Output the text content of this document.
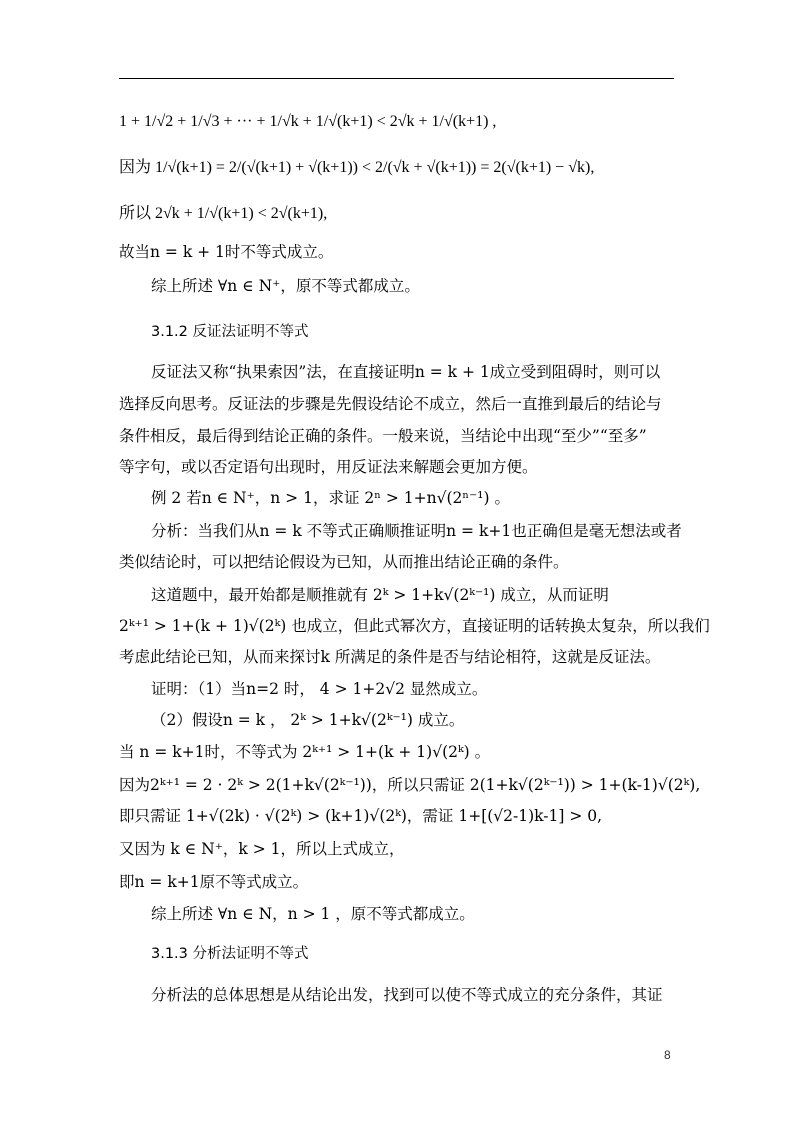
1 + 1/√2 + 1/√3 + ··· + 1/√k + 1/√(k+1) < 2√k + 1/√(k+1) ,
因为 1/√(k+1) = 2/(√(k+1) + √(k+1)) < 2/(√k + √(k+1)) = 2(√(k+1) − √k),
所以 2√k + 1/√(k+1) < 2√(k+1),
故当n = k + 1时不等式成立。
综上所述 ∀n ∈ N⁺，原不等式都成立。
3.1.2 反证法证明不等式
反证法又称“执果索因”法，在直接证明n = k + 1成立受到阻碍时，则可以
选择反向思考。反证法的步骤是先假设结论不成立，然后一直推到最后的结论与
条件相反，最后得到结论正确的条件。一般来说，当结论中出现“至少”“至多”
等字句，或以否定语句出现时，用反证法来解题会更加方便。
例 2 若n ∈ N⁺，n > 1，求证 2ⁿ > 1+n√(2ⁿ⁻¹) 。
分析：当我们从n = k 不等式正确顺推证明n = k+1也正确但是毫无想法或者
类似结论时，可以把结论假设为已知，从而推出结论正确的条件。
这道题中，最开始都是顺推就有 2ᵏ > 1+k√(2ᵏ⁻¹) 成立，从而证明
2ᵏ⁺¹ > 1+(k + 1)√(2ᵏ) 也成立，但此式幂次方，直接证明的话转换太复杂，所以我们
考虑此结论已知，从而来探讨k 所满足的条件是否与结论相符，这就是反证法。
证明：（1）当n=2 时， 4 > 1+2√2 显然成立。
（2）假设n = k ， 2ᵏ > 1+k√(2ᵏ⁻¹) 成立。
当 n = k+1时，不等式为 2ᵏ⁺¹ > 1+(k + 1)√(2ᵏ) 。
因为2ᵏ⁺¹ = 2 · 2ᵏ > 2(1+k√(2ᵏ⁻¹))，所以只需证 2(1+k√(2ᵏ⁻¹)) > 1+(k-1)√(2ᵏ),
即只需证 1+√(2k) · √(2ᵏ) > (k+1)√(2ᵏ)，需证 1+[(√2-1)k-1] > 0,
又因为 k ∈ N⁺，k > 1，所以上式成立，
即n = k+1原不等式成立。
综上所述 ∀n ∈ N，n > 1 ，原不等式都成立。
3.1.3 分析法证明不等式
分析法的总体思想是从结论出发，找到可以使不等式成立的充分条件，其证
8
